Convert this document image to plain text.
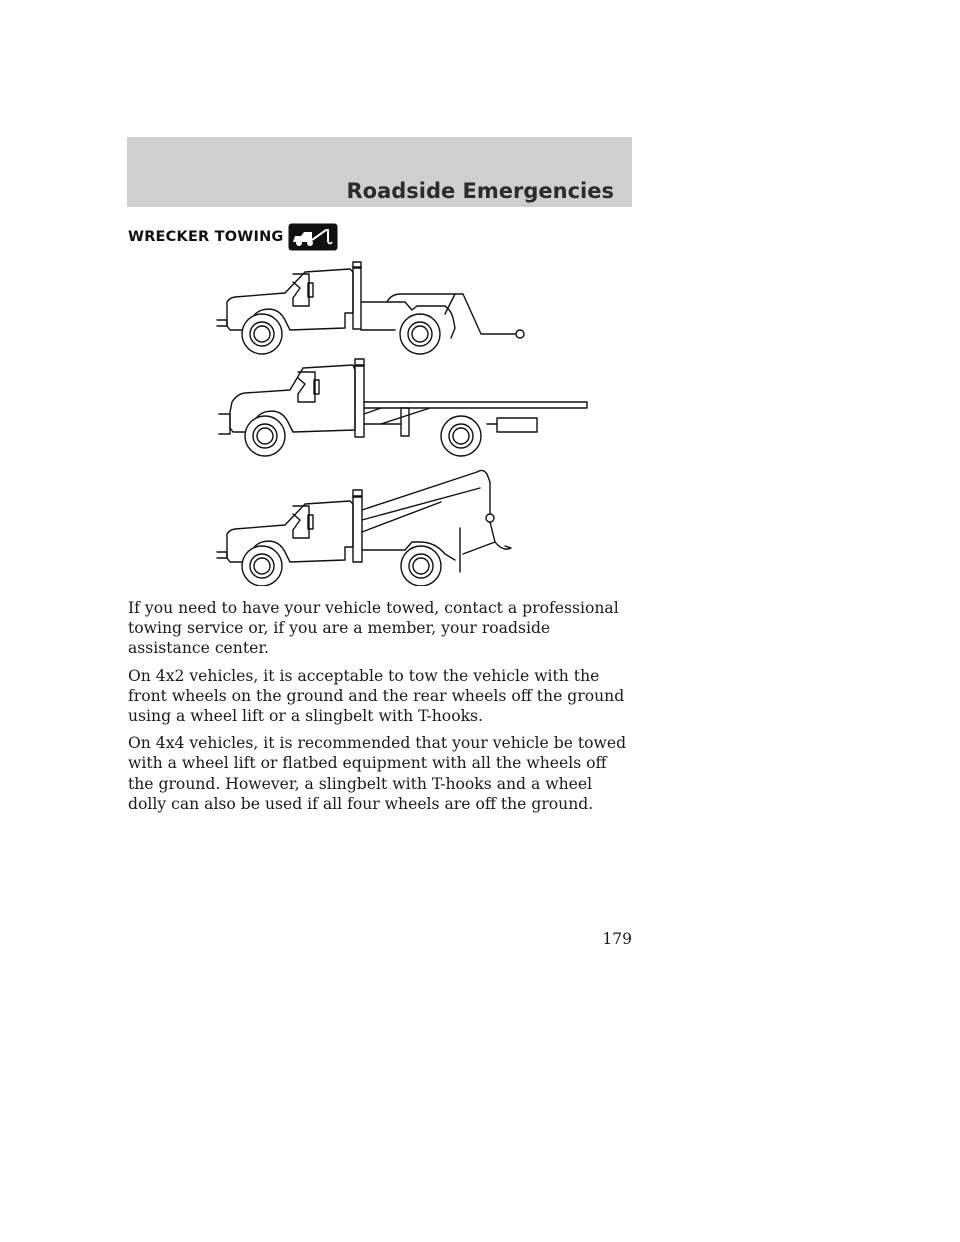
Roadside Emergencies
WRECKER TOWING

If you need to have your vehicle towed, contact a professional towing service or, if you are a member, your roadside assistance center.

On 4x2 vehicles, it is acceptable to tow the vehicle with the front wheels on the ground and the rear wheels off the ground using a wheel lift or a slingbelt with T-hooks.

On 4x4 vehicles, it is recommended that your vehicle be towed with a wheel lift or flatbed equipment with all the wheels off the ground. However, a slingbelt with T-hooks and a wheel dolly can also be used if all four wheels are off the ground.

179
